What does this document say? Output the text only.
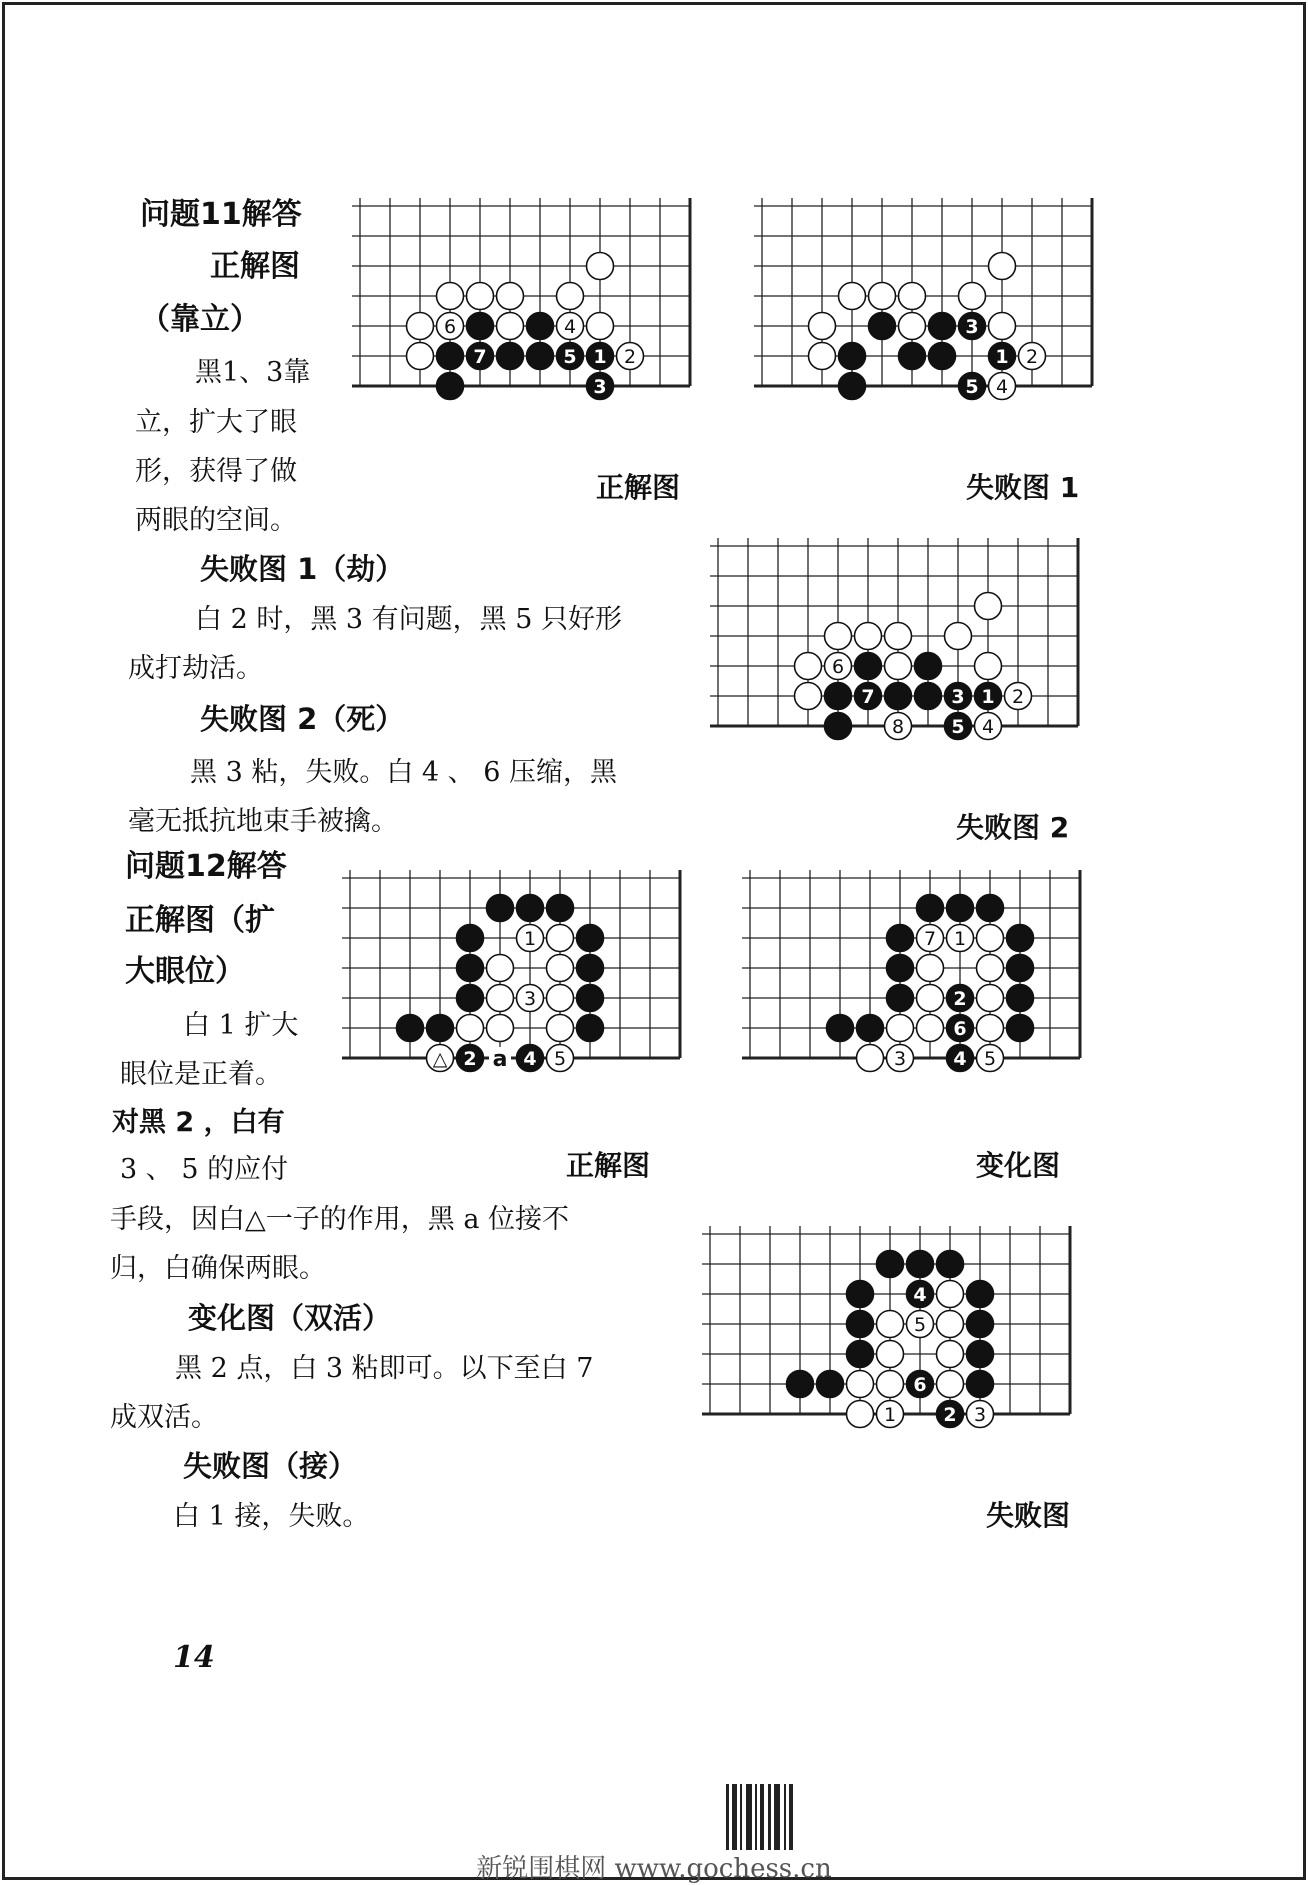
问题11解答
正解图
（靠立）
黑1、3靠
立，扩大了眼
形，获得了做
两眼的空间。
失败图 1（劫）
白 2 时，黑 3 有问题，黑 5 只好形
成打劫活。
失败图 2（死）
黑 3 粘，失败。白 4 、 6 压缩，黑
毫无抵抗地束手被擒。
问题12解答
正解图（扩
大眼位）
白 1 扩大
眼位是正着。
对黑 2 ，白有
3 、 5 的应付
手段，因白△一子的作用，黑 a 位接不
归，白确保两眼。
变化图（双活）
黑 2 点，白 3 粘即可。以下至白 7
成双活。
失败图（接）
白 1 接，失败。
6	4
7	5 1 2
3
正解图
3
1 2
5 4
失败图 1
6
7	3 1 2
8 5 4
失败图 2
1
3
△ 2 a 4 5
正解图
7 1
2
6
3 4 5
变化图
4
5
6
1 2 3
失败图
14
新锐围棋网 www.gochess.cn
